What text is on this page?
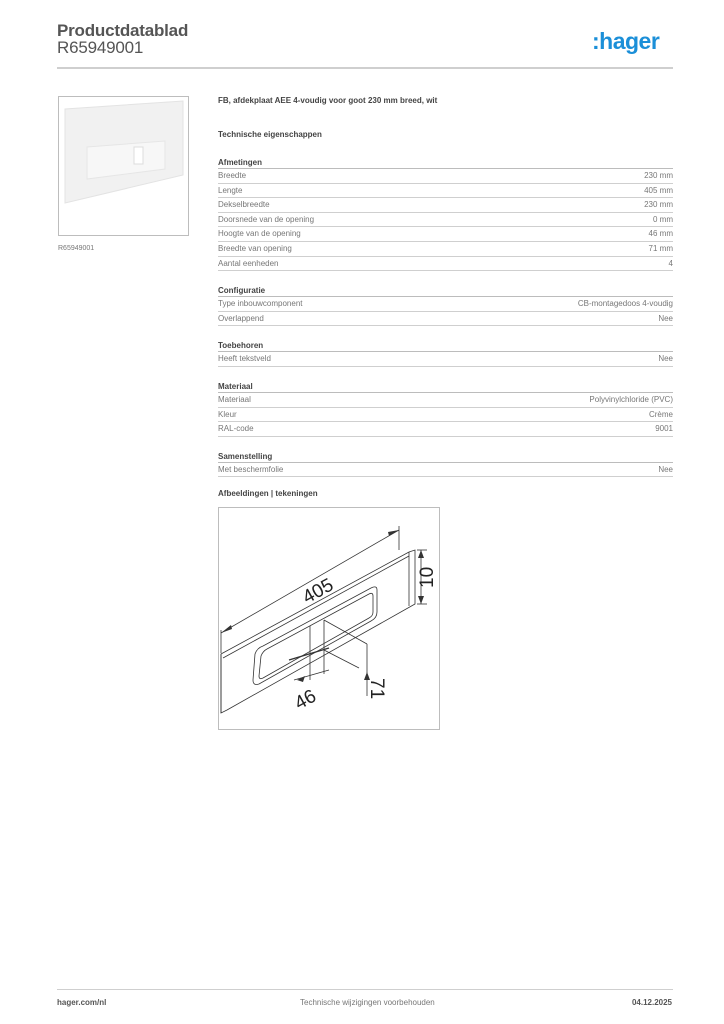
Productdatablad
R65949001	:hager
R65949001
FB, afdekplaat AEE 4-voudig voor goot 230 mm breed, wit
Technische eigenschappen
Afmetingen
Breedte	230 mm
Lengte	405 mm
Dekselbreedte	230 mm
Doorsnede van de opening	0 mm
Hoogte van de opening	46 mm
Breedte van opening	71 mm
Aantal eenheden	4
Configuratie
Type inbouwcomponent	CB-montagedoos 4-voudig
Overlappend	Nee
Toebehoren
Heeft tekstveld	Nee
Materiaal
Materiaal	Polyvinylchloride (PVC)
Kleur	Crème
RAL-code	9001
Samenstelling
Met beschermfolie	Nee
Afbeeldingen | tekeningen
405	10
46 71
hager.com/nl	Technische wijzigingen voorbehouden	04.12.2025
